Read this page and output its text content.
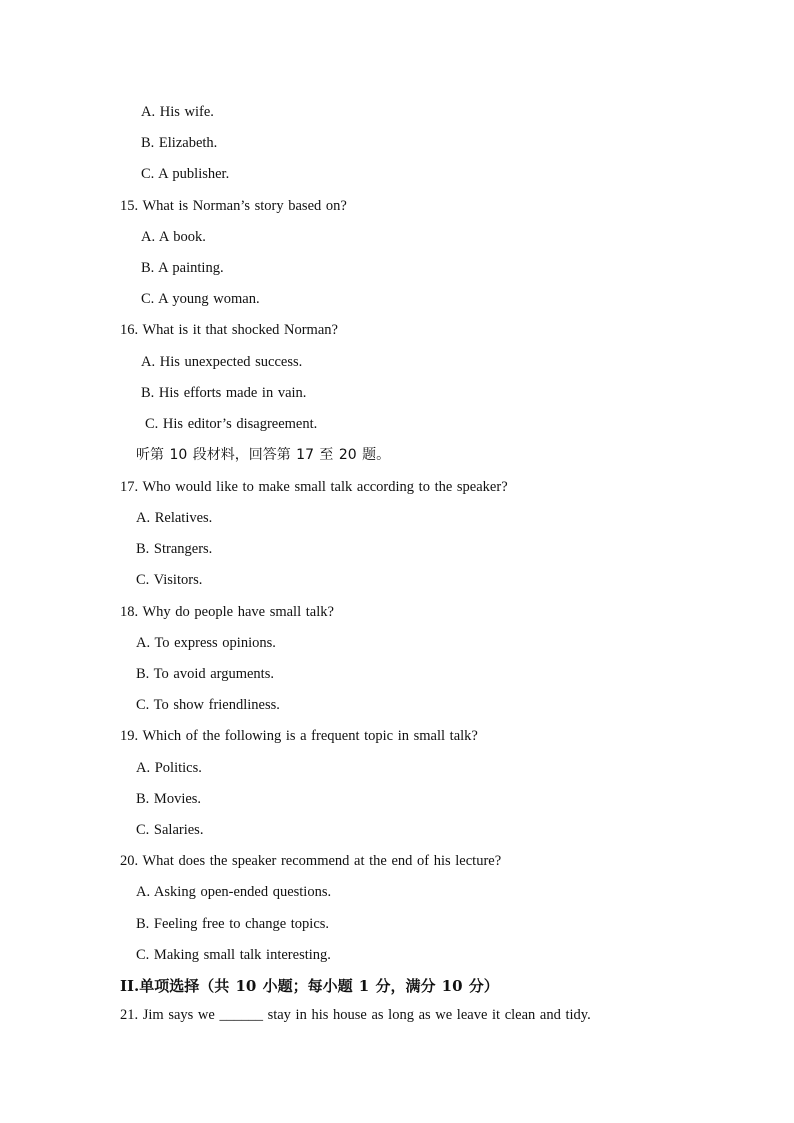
A. His wife.
B. Elizabeth.
C. A publisher.
15. What is Norman’s story based on?
A. A book.
B. A painting.
C. A young woman.
16. What is it that shocked Norman?
A. His unexpected success.
B. His efforts made in vain.
C. His editor’s disagreement.
听第 10 段材料，回答第 17 至 20 题。
17. Who would like to make small talk according to the speaker?
A. Relatives.
B. Strangers.
C. Visitors.
18. Why do people have small talk?
A. To express opinions.
B. To avoid arguments.
C. To show friendliness.
19. Which of the following is a frequent topic in small talk?
A. Politics.
B. Movies.
C. Salaries.
20. What does the speaker recommend at the end of his lecture?
A. Asking open-ended questions.
B. Feeling free to change topics.
C. Making small talk interesting.
II.单项选择（共 10 小题；每小题 1 分，满分 10 分）
21. Jim says we ______ stay in his house as long as we leave it clean and tidy.
